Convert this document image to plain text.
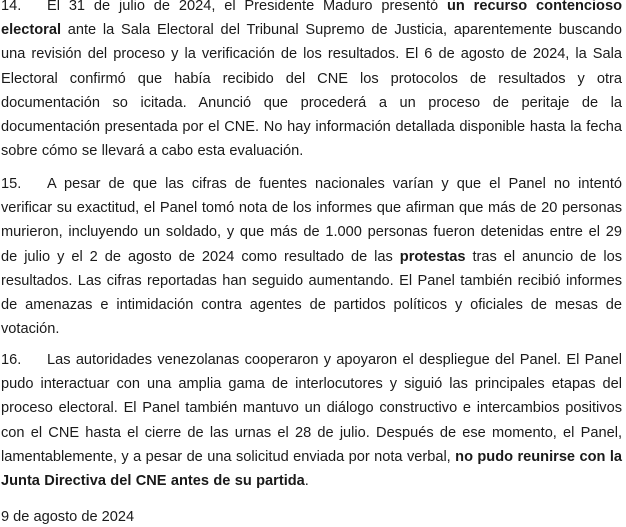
14. El 31 de julio de 2024, el Presidente Maduro presentó un recurso contencioso electoral ante la Sala Electoral del Tribunal Supremo de Justicia, aparentemente buscando una revisión del proceso y la verificación de los resultados. El 6 de agosto de 2024, la Sala Electoral confirmó que había recibido del CNE los protocolos de resultados y otra documentación so icitada. Anunció que procederá a un proceso de peritaje de la documentación presentada por el CNE. No hay información detallada disponible hasta la fecha sobre cómo se llevará a cabo esta evaluación.

15. A pesar de que las cifras de fuentes nacionales varían y que el Panel no intentó verificar su exactitud, el Panel tomó nota de los informes que afirman que más de 20 personas murieron, incluyendo un soldado, y que más de 1.000 personas fueron detenidas entre el 29 de julio y el 2 de agosto de 2024 como resultado de las protestas tras el anuncio de los resultados. Las cifras reportadas han seguido aumentando. El Panel también recibió informes de amenazas e intimidación contra agentes de partidos políticos y oficiales de mesas de votación.

16. Las autoridades venezolanas cooperaron y apoyaron el despliegue del Panel. El Panel pudo interactuar con una amplia gama de interlocutores y siguió las principales etapas del proceso electoral. El Panel también mantuvo un diálogo constructivo e intercambios positivos con el CNE hasta el cierre de las urnas el 28 de julio. Después de ese momento, el Panel, lamentablemente, y a pesar de una solicitud enviada por nota verbal, no pudo reunirse con la Junta Directiva del CNE antes de su partida.

9 de agosto de 2024
